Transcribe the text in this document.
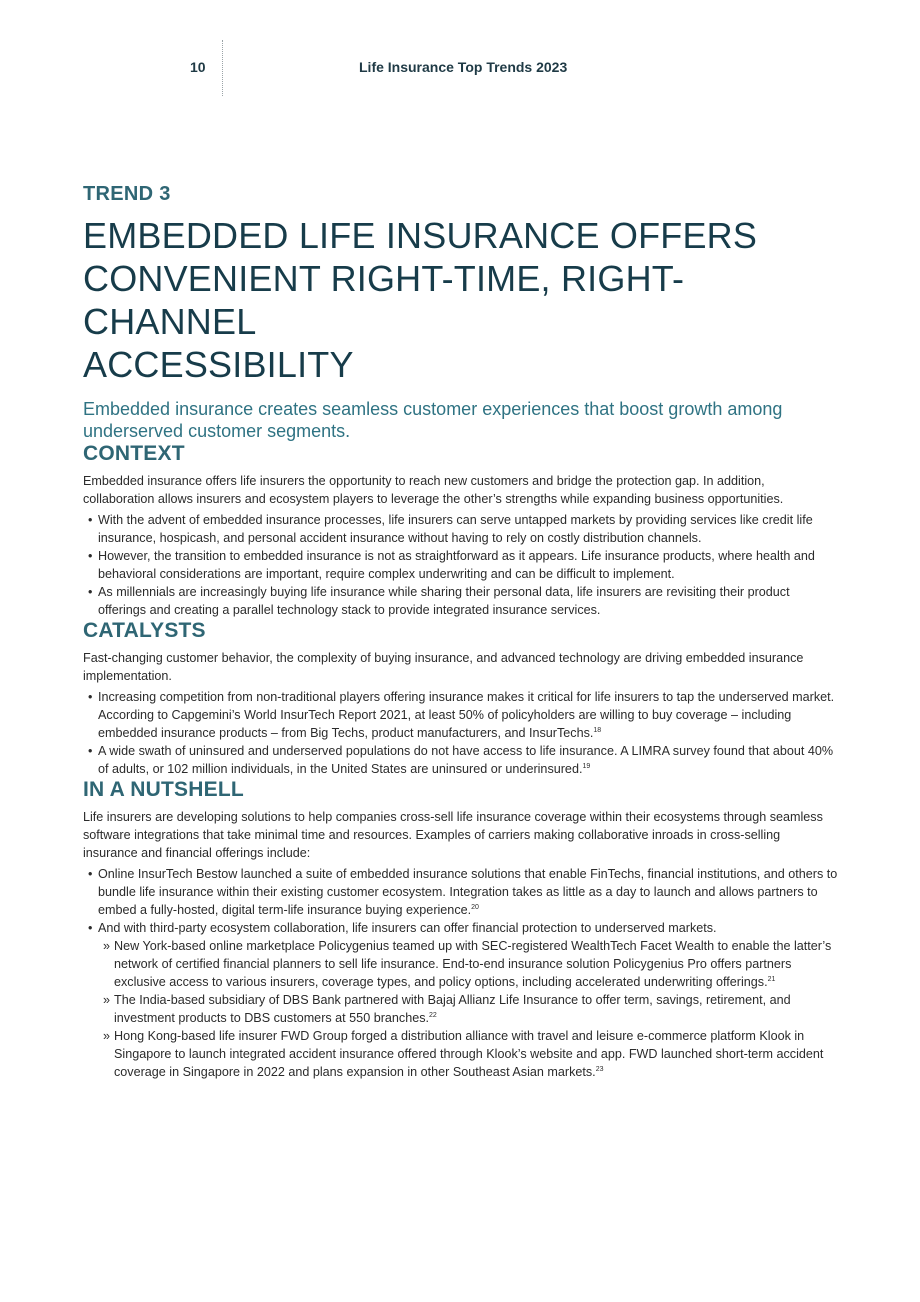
10	Life Insurance Top Trends 2023

TREND 3

EMBEDDED LIFE INSURANCE OFFERS
CONVENIENT RIGHT-TIME, RIGHT-CHANNEL
ACCESSIBILITY

Embedded insurance creates seamless customer experiences that boost growth among underserved customer segments.

CONTEXT

Embedded insurance offers life insurers the opportunity to reach new customers and bridge the protection gap. In addition, collaboration allows insurers and ecosystem players to leverage the other’s strengths while expanding business opportunities.

• With the advent of embedded insurance processes, life insurers can serve untapped markets by providing services like credit life insurance, hospicash, and personal accident insurance without having to rely on costly distribution channels.
• However, the transition to embedded insurance is not as straightforward as it appears. Life insurance products, where health and behavioral considerations are important, require complex underwriting and can be difficult to implement.
• As millennials are increasingly buying life insurance while sharing their personal data, life insurers are revisiting their product offerings and creating a parallel technology stack to provide integrated insurance services.
CATALYSTS

Fast-changing customer behavior, the complexity of buying insurance, and advanced technology are driving embedded insurance implementation.

• Increasing competition from non-traditional players offering insurance makes it critical for life insurers to tap the underserved market. According to Capgemini’s World InsurTech Report 2021, at least 50% of policyholders are willing to buy coverage – including embedded insurance products – from Big Techs, product manufacturers, and InsurTechs.$^{18}$
• A wide swath of uninsured and underserved populations do not have access to life insurance. A LIMRA survey found that about 40% of adults, or 102 million individuals, in the United States are uninsured or underinsured.$^{19}$
IN A NUTSHELL

Life insurers are developing solutions to help companies cross-sell life insurance coverage within their ecosystems through seamless software integrations that take minimal time and resources. Examples of carriers making collaborative inroads in cross-selling insurance and financial offerings include:

• Online InsurTech Bestow launched a suite of embedded insurance solutions that enable FinTechs, financial institutions, and others to bundle life insurance within their existing customer ecosystem. Integration takes as little as a day to launch and allows partners to embed a fully-hosted, digital term-life insurance buying experience.$^{20}$
• And with third-party ecosystem collaboration, life insurers can offer financial protection to underserved markets.
» New York-based online marketplace Policygenius teamed up with SEC-registered WealthTech Facet Wealth to enable the latter’s network of certified financial planners to sell life insurance. End-to-end insurance solution Policygenius Pro offers partners exclusive access to various insurers, coverage types, and policy options, including accelerated underwriting offerings.$^{21}$
» The India-based subsidiary of DBS Bank partnered with Bajaj Allianz Life Insurance to offer term, savings, retirement, and investment products to DBS customers at 550 branches.$^{22}$
» Hong Kong-based life insurer FWD Group forged a distribution alliance with travel and leisure e-commerce platform Klook in Singapore to launch integrated accident insurance offered through Klook’s website and app. FWD launched short-term accident coverage in Singapore in 2022 and plans expansion in other Southeast Asian markets.$^{23}$
